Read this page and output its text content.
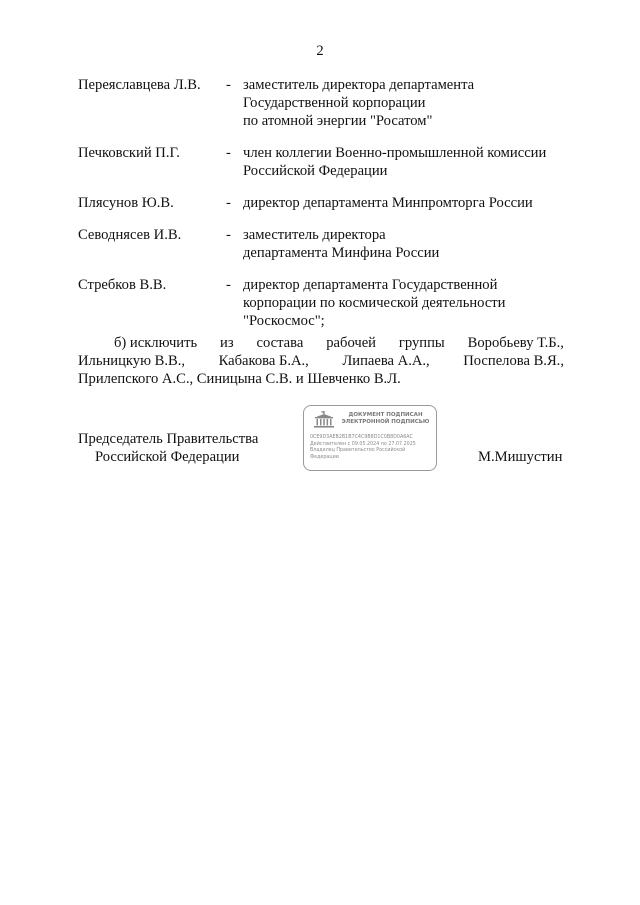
2
Переяславцева Л.В. - заместитель директора департамента
Государственной корпорации
по атомной энергии "Росатом"
Печковский П.Г.	- член коллегии Военно-промышленной комиссии
Российской Федерации
Плясунов Ю.В.	- директор департамента Минпромторга России
Севоднясев И.В.	- заместитель директора
департамента Минфина России
Стребков В.В.	- директор департамента Государственной
корпорации по космической деятельности
"Роскосмос";
б) исключить из состава рабочей группы Воробьеву Т.Б.,
Ильницкую В.В., Кабакова Б.А., Липаева А.А., Поспелова В.Я.,
Прилепского А.С., Синицына С.В. и Шевченко В.Л.
Председатель Правительства
Российской Федерации
ДОКУМЕНТ ПОДПИСАН
ЭЛЕКТРОННОЙ ПОДПИСЬЮ
0CE9D3AEB2B1B7C4C9B8D1C0B8D0A6AC
Действителен с 09.05.2024 по 27.07.2025
Владелец Правительство Российской
Федерации	М.Мишустин
